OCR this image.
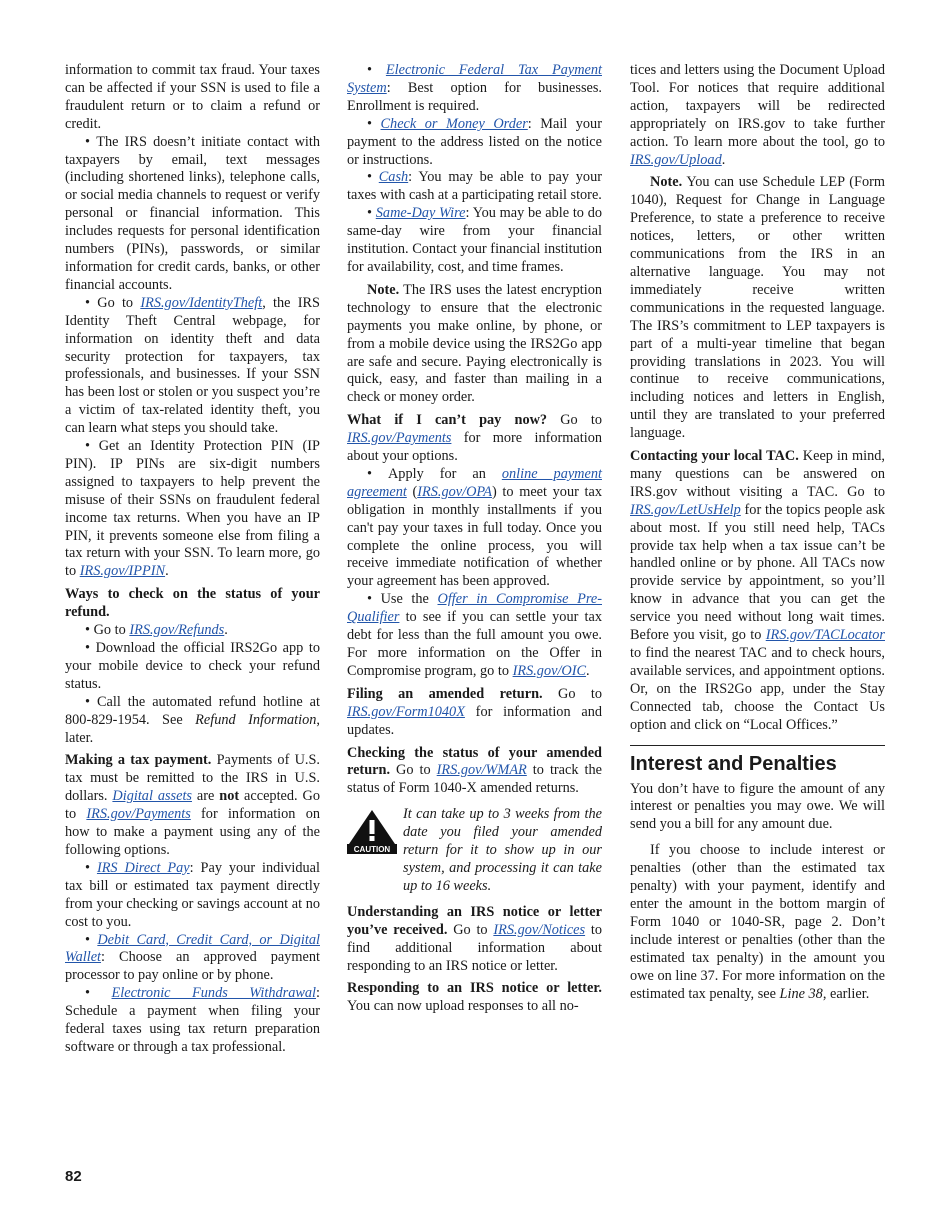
information to commit tax fraud. Your taxes can be affected if your SSN is used to file a fraudulent return or to claim a refund or credit.

• The IRS doesn’t initiate contact with taxpayers by email, text messages (including shortened links), telephone calls, or social media channels to request or verify personal or financial information. This includes requests for personal identification numbers (PINs), passwords, or similar information for credit cards, banks, or other financial accounts.

• Go to IRS.gov/IdentityTheft, the IRS Identity Theft Central webpage, for information on identity theft and data security protection for taxpayers, tax professionals, and businesses. If your SSN has been lost or stolen or you suspect you’re a victim of tax-related identity theft, you can learn what steps you should take.

• Get an Identity Protection PIN (IP PIN). IP PINs are six-digit numbers assigned to taxpayers to help prevent the misuse of their SSNs on fraudulent federal income tax returns. When you have an IP PIN, it prevents someone else from filing a tax return with your SSN. To learn more, go to IRS.gov/IPPIN.

Ways to check on the status of your refund.

• Go to IRS.gov/Refunds.

• Download the official IRS2Go app to your mobile device to check your refund status.

• Call the automated refund hotline at 800-829-1954. See Refund Information, later.

Making a tax payment. Payments of U.S. tax must be remitted to the IRS in U.S. dollars. Digital assets are not accepted. Go to IRS.gov/Payments for information on how to make a payment using any of the following options.

• IRS Direct Pay: Pay your individual tax bill or estimated tax payment directly from your checking or savings account at no cost to you.

• Debit Card, Credit Card, or Digital Wallet: Choose an approved payment processor to pay online or by phone.

• Electronic Funds Withdrawal: Schedule a payment when filing your federal taxes using tax return preparation software or through a tax professional.

• Electronic Federal Tax Payment System: Best option for businesses. Enrollment is required.

• Check or Money Order: Mail your payment to the address listed on the notice or instructions.

• Cash: You may be able to pay your taxes with cash at a participating retail store.

• Same-Day Wire: You may be able to do same-day wire from your financial institution. Contact your financial institution for availability, cost, and time frames.

Note. The IRS uses the latest encryption technology to ensure that the electronic payments you make online, by phone, or from a mobile device using the IRS2Go app are safe and secure. Paying electronically is quick, easy, and faster than mailing in a check or money order.

What if I can’t pay now? Go to IRS.gov/Payments for more information about your options.

• Apply for an online payment agreement (IRS.gov/OPA) to meet your tax obligation in monthly installments if you can't pay your taxes in full today. Once you complete the online process, you will receive immediate notification of whether your agreement has been approved.

• Use the Offer in Compromise Pre-Qualifier to see if you can settle your tax debt for less than the full amount you owe. For more information on the Offer in Compromise program, go to IRS.gov/OIC.

Filing an amended return. Go to IRS.gov/Form1040X for information and updates.

Checking the status of your amended return. Go to IRS.gov/WMAR to track the status of Form 1040-X amended returns.

CAUTION
It can take up to 3 weeks from the date you filed your amended return for it to show up in our system, and processing it can take up to 16 weeks.

Understanding an IRS notice or letter you’ve received. Go to IRS.gov/Notices to find additional information about responding to an IRS notice or letter.

Responding to an IRS notice or letter. You can now upload responses to all no-

tices and letters using the Document Upload Tool. For notices that require additional action, taxpayers will be redirected appropriately on IRS.gov to take further action. To learn more about the tool, go to IRS.gov/Upload.

Note. You can use Schedule LEP (Form 1040), Request for Change in Language Preference, to state a preference to receive notices, letters, or other written communications from the IRS in an alternative language. You may not immediately receive written communications in the requested language. The IRS’s commitment to LEP taxpayers is part of a multi-year timeline that began providing translations in 2023. You will continue to receive communications, including notices and letters in English, until they are translated to your preferred language.

Contacting your local TAC. Keep in mind, many questions can be answered on IRS.gov without visiting a TAC. Go to IRS.gov/LetUsHelp for the topics people ask about most. If you still need help, TACs provide tax help when a tax issue can’t be handled online or by phone. All TACs now provide service by appointment, so you’ll know in advance that you can get the service you need without long wait times. Before you visit, go to IRS.gov/TACLocator to find the nearest TAC and to check hours, available services, and appointment options. Or, on the IRS2Go app, under the Stay Connected tab, choose the Contact Us option and click on “Local Offices.”

Interest and Penalties

You don’t have to figure the amount of any interest or penalties you may owe. We will send you a bill for any amount due.

If you choose to include interest or penalties (other than the estimated tax penalty) with your payment, identify and enter the amount in the bottom margin of Form 1040 or 1040-SR, page 2. Don’t include interest or penalties (other than the estimated tax penalty) in the amount you owe on line 37. For more information on the estimated tax penalty, see Line 38, earlier.

82
